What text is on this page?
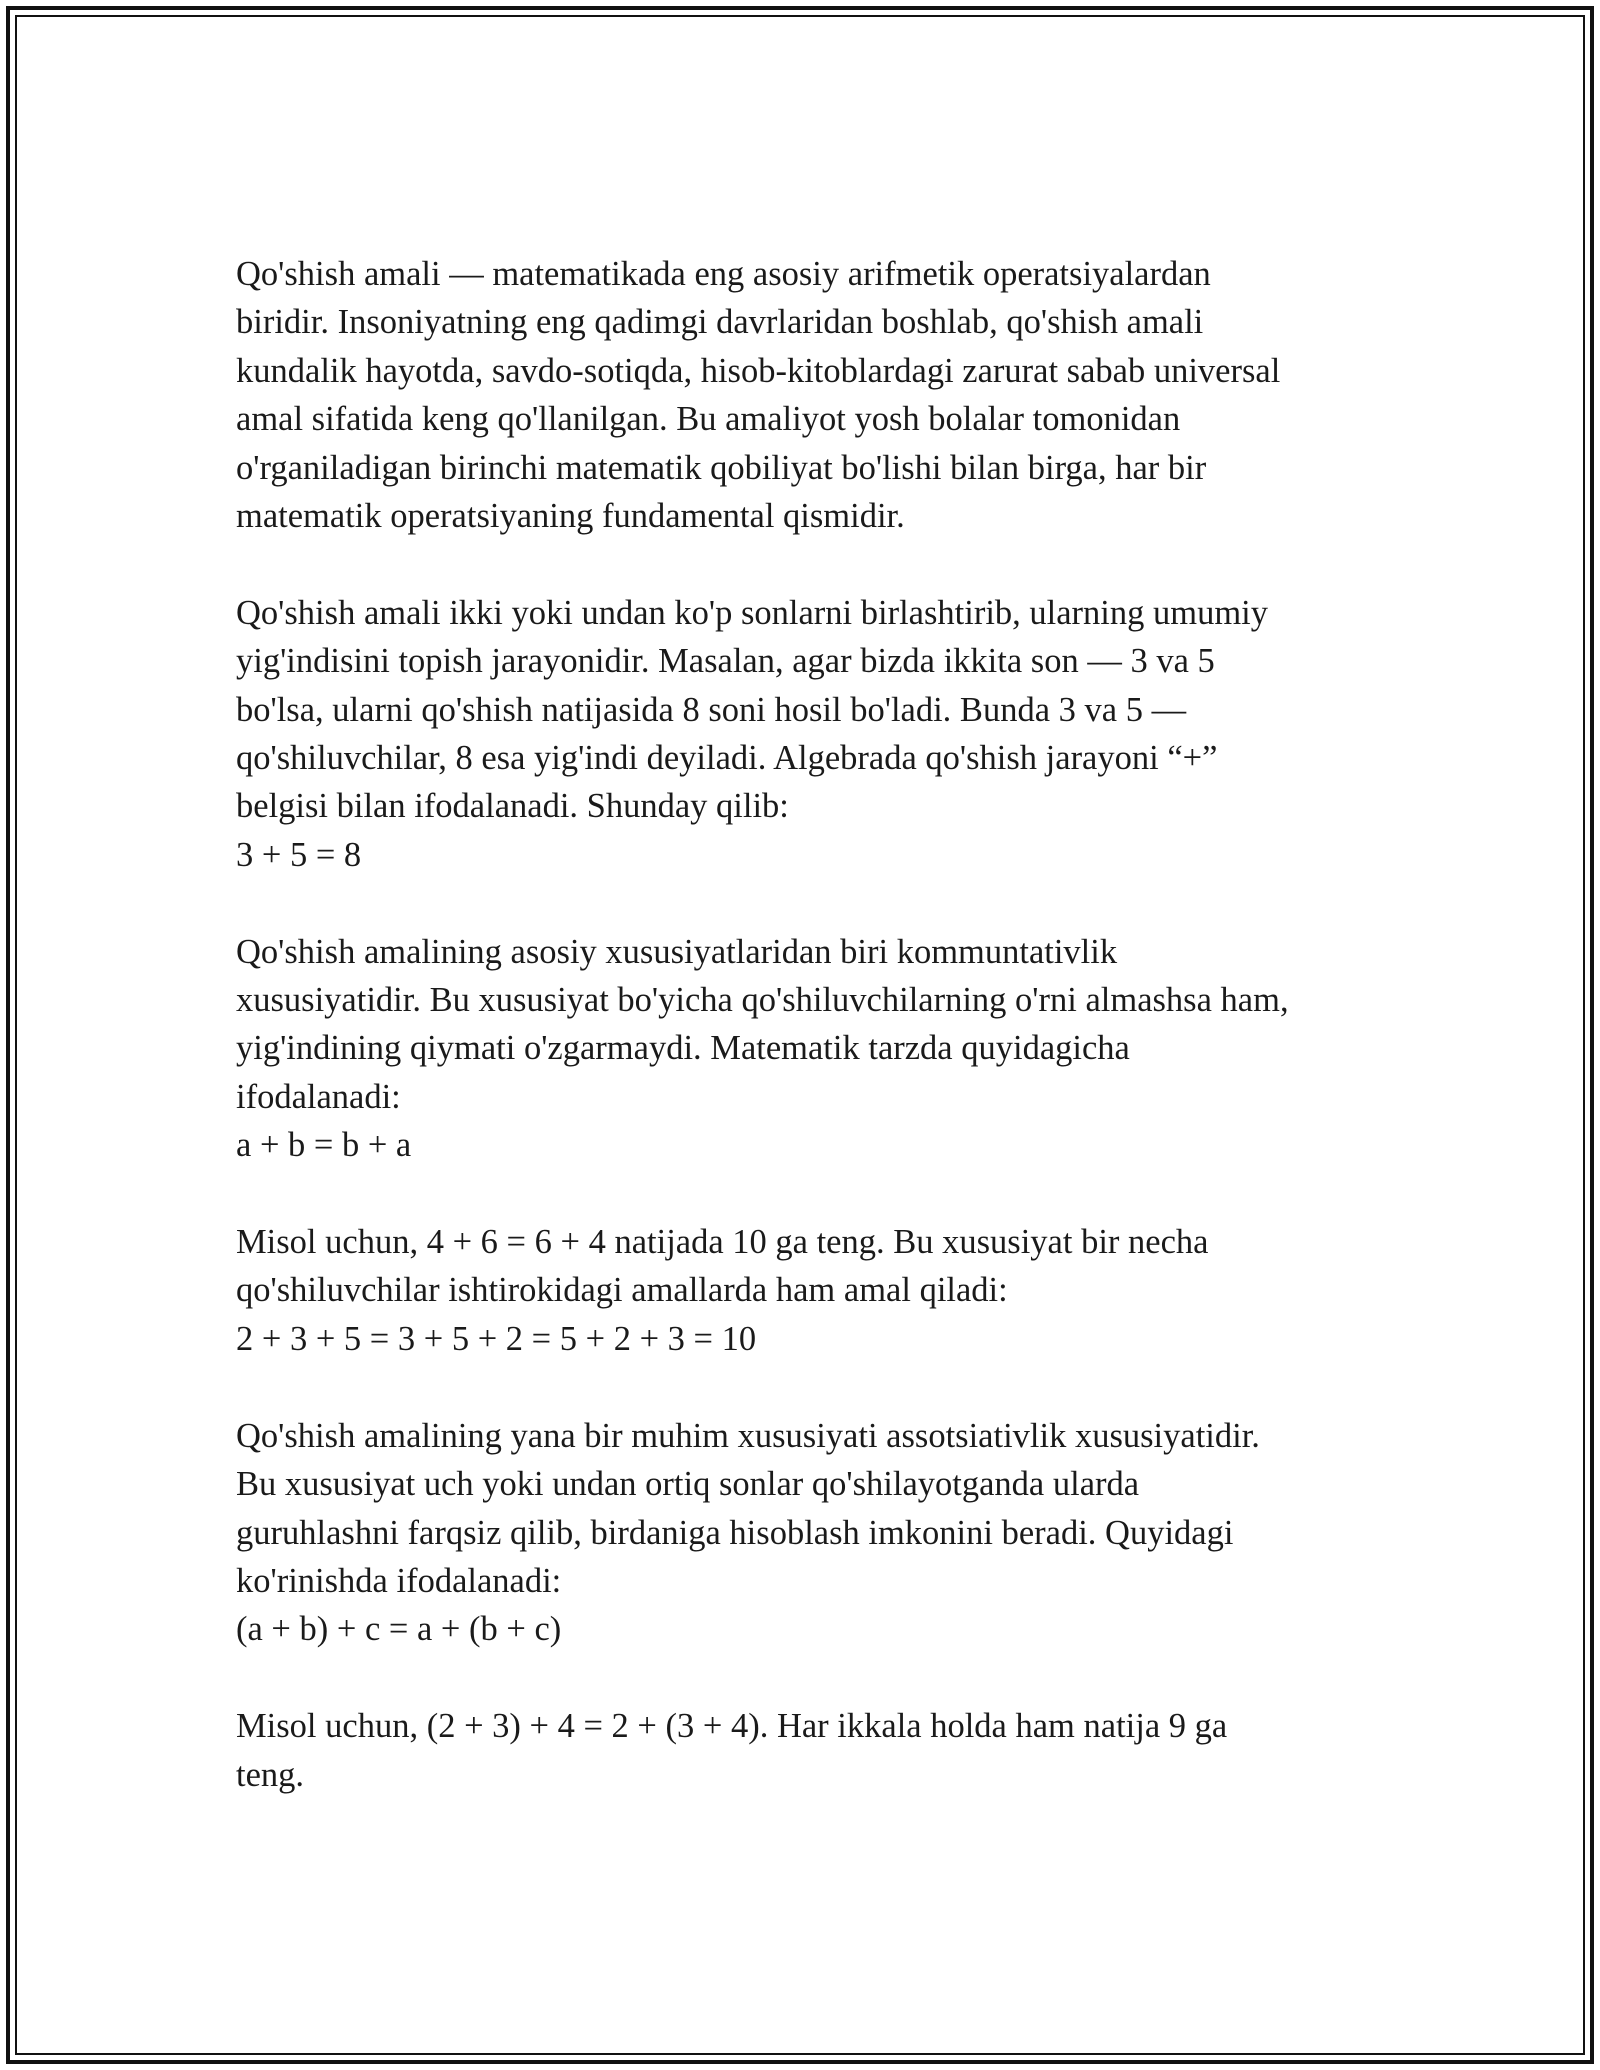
Qo'shish amali — matematikada eng asosiy arifmetik operatsiyalardan
biridir. Insoniyatning eng qadimgi davrlaridan boshlab, qo'shish amali
kundalik hayotda, savdo-sotiqda, hisob-kitoblardagi zarurat sabab universal
amal sifatida keng qo'llanilgan. Bu amaliyot yosh bolalar tomonidan
o'rganiladigan birinchi matematik qobiliyat bo'lishi bilan birga, har bir
matematik operatsiyaning fundamental qismidir.

Qo'shish amali ikki yoki undan ko'p sonlarni birlashtirib, ularning umumiy
yig'indisini topish jarayonidir. Masalan, agar bizda ikkita son — 3 va 5
bo'lsa, ularni qo'shish natijasida 8 soni hosil bo'ladi. Bunda 3 va 5 —
qo'shiluvchilar, 8 esa yig'indi deyiladi. Algebrada qo'shish jarayoni “+”
belgisi bilan ifodalanadi. Shunday qilib:
3 + 5 = 8

Qo'shish amalining asosiy xususiyatlaridan biri kommuntativlik
xususiyatidir. Bu xususiyat bo'yicha qo'shiluvchilarning o'rni almashsa ham,
yig'indining qiymati o'zgarmaydi. Matematik tarzda quyidagicha
ifodalanadi:
a + b = b + a

Misol uchun, 4 + 6 = 6 + 4 natijada 10 ga teng. Bu xususiyat bir necha
qo'shiluvchilar ishtirokidagi amallarda ham amal qiladi:
2 + 3 + 5 = 3 + 5 + 2 = 5 + 2 + 3 = 10

Qo'shish amalining yana bir muhim xususiyati assotsiativlik xususiyatidir.
Bu xususiyat uch yoki undan ortiq sonlar qo'shilayotganda ularda
guruhlashni farqsiz qilib, birdaniga hisoblash imkonini beradi. Quyidagi
ko'rinishda ifodalanadi:
(a + b) + c = a + (b + c)

Misol uchun, (2 + 3) + 4 = 2 + (3 + 4). Har ikkala holda ham natija 9 ga
teng.
